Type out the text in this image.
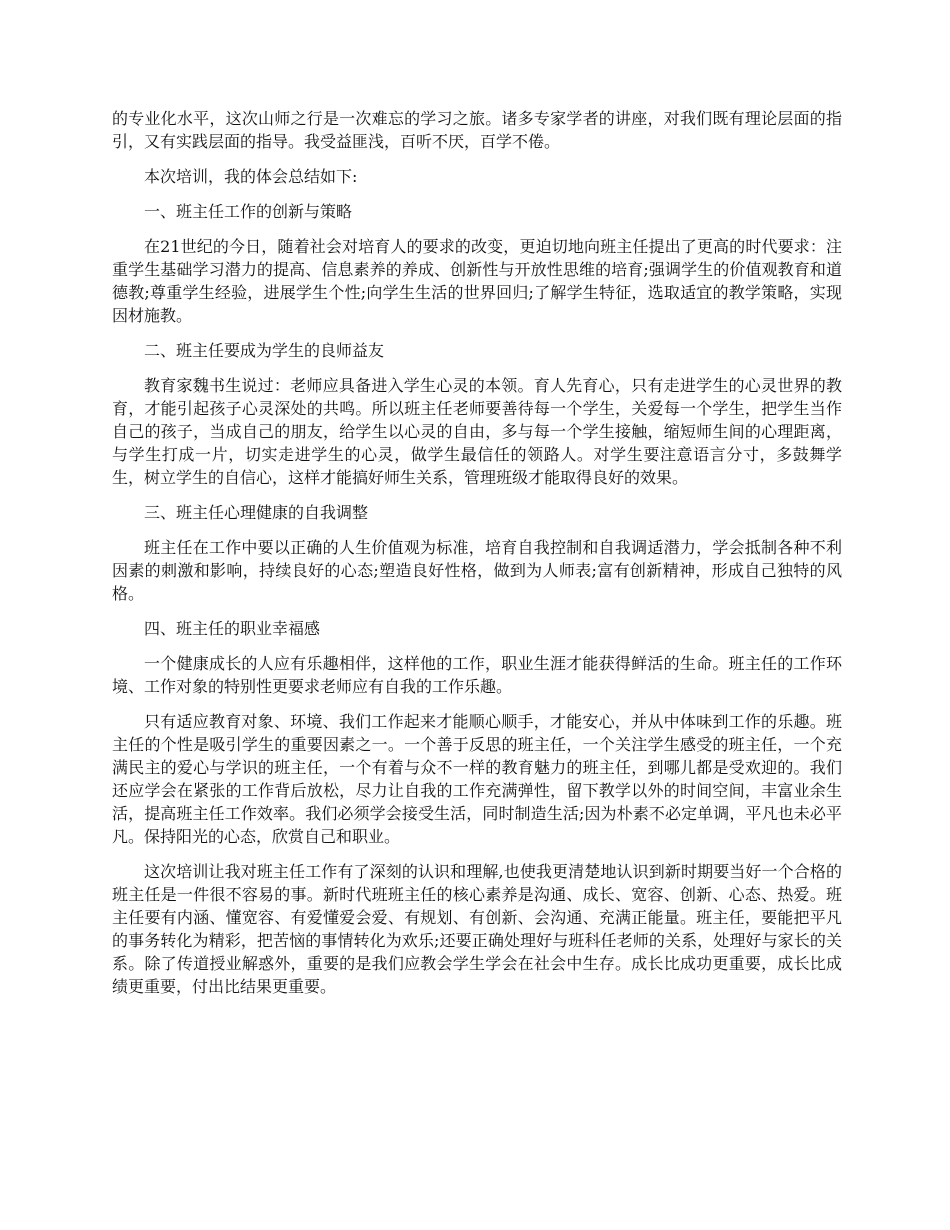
的专业化水平，这次山师之行是一次难忘的学习之旅。诸多专家学者的讲座，对我们既有理论层面的指引，又有实践层面的指导。我受益匪浅，百听不厌，百学不倦。

本次培训，我的体会总结如下:

一、班主任工作的创新与策略

在21世纪的今日，随着社会对培育人的要求的改变，更迫切地向班主任提出了更高的时代要求：注重学生基础学习潜力的提高、信息素养的养成、创新性与开放性思维的培育;强调学生的价值观教育和道德教;尊重学生经验，进展学生个性;向学生生活的世界回归;了解学生特征，选取适宜的教学策略，实现因材施教。

二、班主任要成为学生的良师益友

教育家魏书生说过：老师应具备进入学生心灵的本领。育人先育心，只有走进学生的心灵世界的教育，才能引起孩子心灵深处的共鸣。所以班主任老师要善待每一个学生，关爱每一个学生，把学生当作自己的孩子，当成自己的朋友，给学生以心灵的自由，多与每一个学生接触，缩短师生间的心理距离，与学生打成一片，切实走进学生的心灵，做学生最信任的领路人。对学生要注意语言分寸，多鼓舞学生，树立学生的自信心，这样才能搞好师生关系，管理班级才能取得良好的效果。

三、班主任心理健康的自我调整

班主任在工作中要以正确的人生价值观为标准，培育自我控制和自我调适潜力，学会抵制各种不利因素的刺激和影响，持续良好的心态;塑造良好性格，做到为人师表;富有创新精神，形成自己独特的风格。

四、班主任的职业幸福感

一个健康成长的人应有乐趣相伴，这样他的工作，职业生涯才能获得鲜活的生命。班主任的工作环境、工作对象的特别性更要求老师应有自我的工作乐趣。

只有适应教育对象、环境、我们工作起来才能顺心顺手，才能安心，并从中体味到工作的乐趣。班主任的个性是吸引学生的重要因素之一。一个善于反思的班主任，一个关注学生感受的班主任，一个充满民主的爱心与学识的班主任，一个有着与众不一样的教育魅力的班主任，到哪儿都是受欢迎的。我们还应学会在紧张的工作背后放松，尽力让自我的工作充满弹性，留下教学以外的时间空间，丰富业余生活，提高班主任工作效率。我们必须学会接受生活，同时制造生活;因为朴素不必定单调，平凡也未必平凡。保持阳光的心态，欣赏自己和职业。

这次培训让我对班主任工作有了深刻的认识和理解,也使我更清楚地认识到新时期要当好一个合格的班主任是一件很不容易的事。新时代班班主任的核心素养是沟通、成长、宽容、创新、心态、热爱。班主任要有内涵、懂宽容、有爱懂爱会爱、有规划、有创新、会沟通、充满正能量。班主任，要能把平凡的事务转化为精彩，把苦恼的事情转化为欢乐;还要正确处理好与班科任老师的关系，处理好与家长的关系。除了传道授业解惑外，重要的是我们应教会学生学会在社会中生存。成长比成功更重要，成长比成绩更重要，付出比结果更重要。
